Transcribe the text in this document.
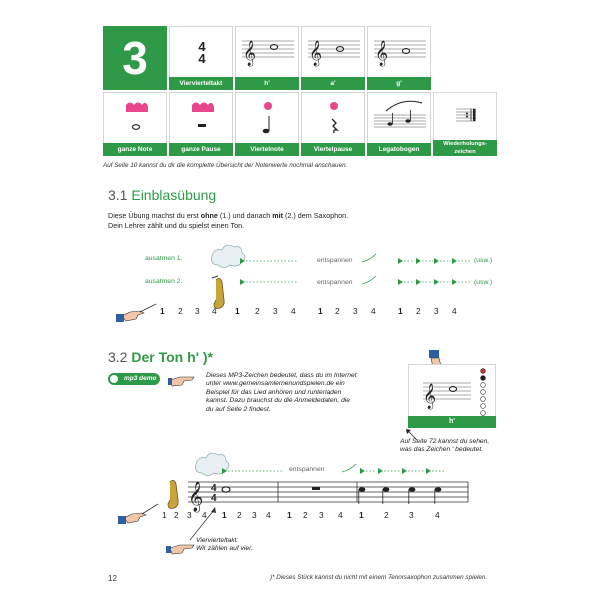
3	4
4
Viervierteltakt
𝄞
h'
𝄞
a'
𝄞
g'
ganze Note	ganze Pause	Viertelnote	Viertelpause	Legatobogen
Wiederholungs-
zeichen
Auf Seite 10 kannst du dir die komplette Übersicht der Notenwerte nochmal anschauen.
3.1 Einblasübung
Diese Übung machst du erst ohne (1.) und danach mit (2.) dem Saxophon.
Dein Lehrer zählt und du spielst einen Ton.
ausatmen 1.
ausatmen 2.
entspannen
entspannen
(usw.)
(usw.)
1 2 3 4 1 2 3 4	1 2 3 4	1 2 3 4
3.2 Der Ton h' )*
mp3 demo	Dieses MP3-Zeichen bedeutet, dass du im Internet
unter www.gemeinsamlernenundspielen.de ein
Beispiel für das Lied anhören und runterladen
kannst. Dazu brauchst du die Anmeldedaten, die
du auf Seite 2 findest.
𝄞
h'
Auf Seite 72 kannst du sehen,
was das Zeichen ' bedeutet.
entspannen
𝄞 4
4
1 2 3 4 1 2 3 4 1 2 3 4 1 2 3	4
Viervierteltakt:
Wir zählen auf vier.
12	)* Dieses Stück kannst du nicht mit einem Tenorsaxophon zusammen spielen.
